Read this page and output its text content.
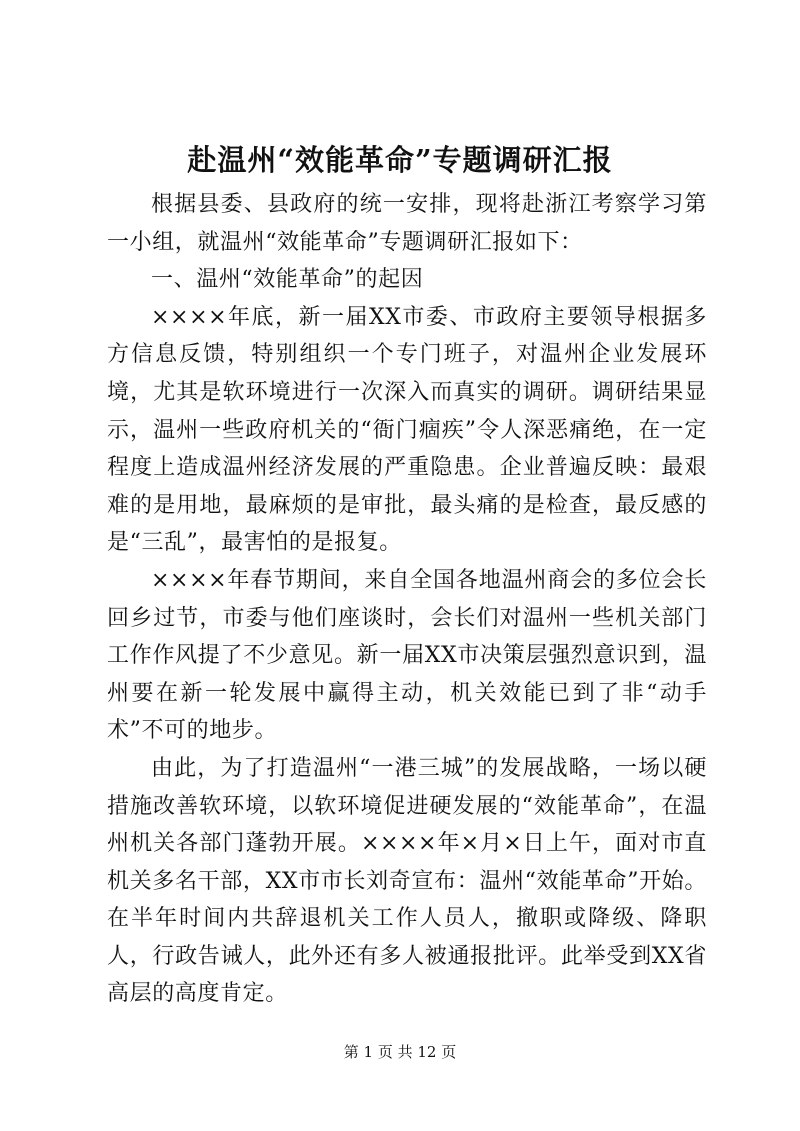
赴温州“效能革命”专题调研汇报

根据县委、县政府的统一安排，现将赴浙江考察学习第一小组，就温州“效能革命”专题调研汇报如下：

一、温州“效能革命”的起因

××××年底，新一届XX市委、市政府主要领导根据多方信息反馈，特别组织一个专门班子，对温州企业发展环境，尤其是软环境进行一次深入而真实的调研。调研结果显示，温州一些政府机关的“衙门痼疾”令人深恶痛绝，在一定程度上造成温州经济发展的严重隐患。企业普遍反映：最艰难的是用地，最麻烦的是审批，最头痛的是检查，最反感的是“三乱”，最害怕的是报复。

××××年春节期间，来自全国各地温州商会的多位会长回乡过节，市委与他们座谈时，会长们对温州一些机关部门工作作风提了不少意见。新一届XX市决策层强烈意识到，温州要在新一轮发展中赢得主动，机关效能已到了非“动手术”不可的地步。

由此，为了打造温州“一港三城”的发展战略，一场以硬措施改善软环境，以软环境促进硬发展的“效能革命”，在温州机关各部门蓬勃开展。××××年×月×日上午，面对市直机关多名干部，XX市市长刘奇宣布：温州“效能革命”开始。在半年时间内共辞退机关工作人员人，撤职或降级、降职人，行政告诫人，此外还有多人被通报批评。此举受到XX省高层的高度肯定。

第 1 页 共 12 页
